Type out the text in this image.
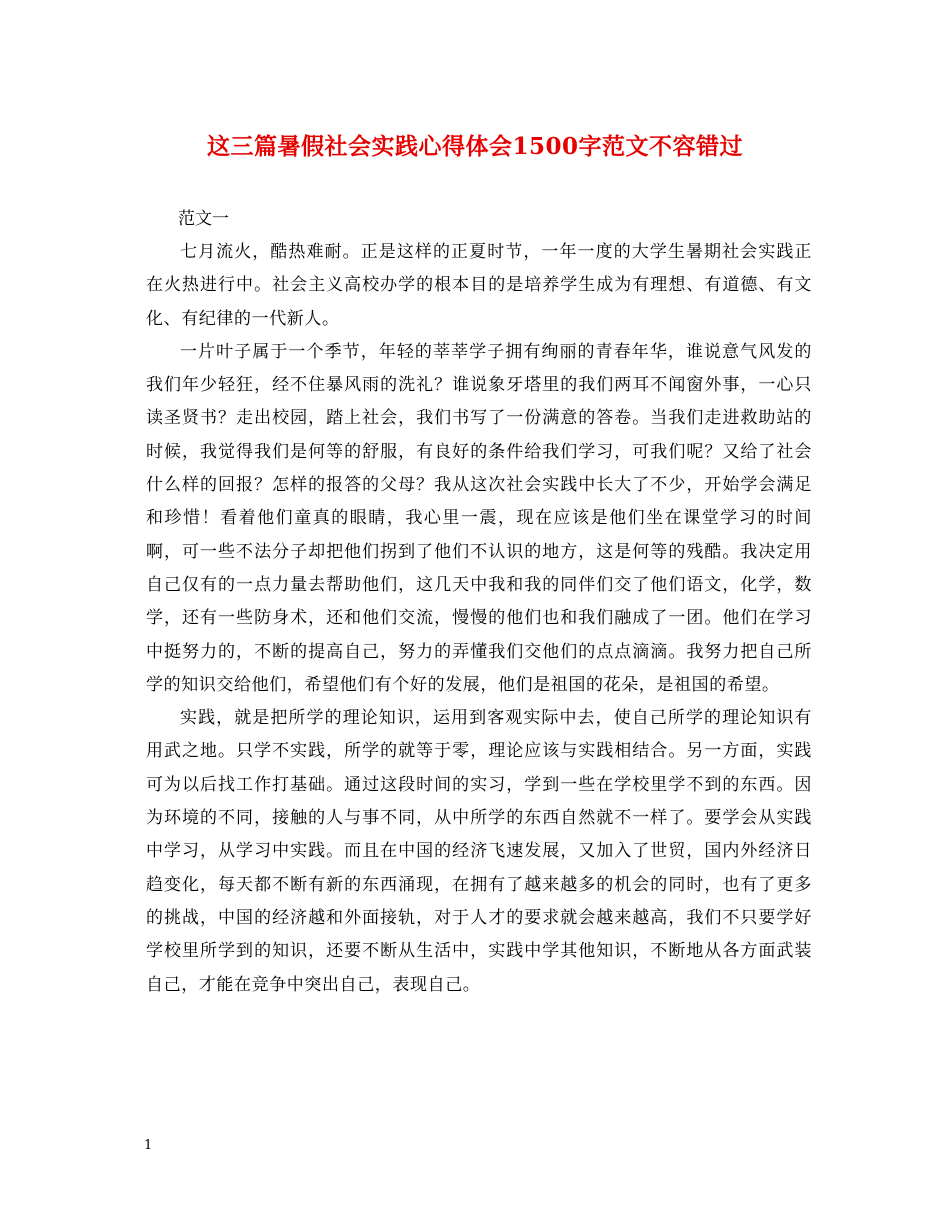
这三篇暑假社会实践心得体会1500字范文不容错过

范文一

七月流火，酷热难耐。正是这样的正夏时节，一年一度的大学生暑期社会实践正在火热进行中。社会主义高校办学的根本目的是培养学生成为有理想、有道德、有文化、有纪律的一代新人。

一片叶子属于一个季节，年轻的莘莘学子拥有绚丽的青春年华，谁说意气风发的我们年少轻狂，经不住暴风雨的洗礼？谁说象牙塔里的我们两耳不闻窗外事，一心只读圣贤书？走出校园，踏上社会，我们书写了一份满意的答卷。当我们走进救助站的时候，我觉得我们是何等的舒服，有良好的条件给我们学习，可我们呢？又给了社会什么样的回报？怎样的报答的父母？我从这次社会实践中长大了不少，开始学会满足和珍惜！看着他们童真的眼睛，我心里一震，现在应该是他们坐在课堂学习的时间啊，可一些不法分子却把他们拐到了他们不认识的地方，这是何等的残酷。我决定用自己仅有的一点力量去帮助他们，这几天中我和我的同伴们交了他们语文，化学，数学，还有一些防身术，还和他们交流，慢慢的他们也和我们融成了一团。他们在学习中挺努力的，不断的提高自己，努力的弄懂我们交他们的点点滴滴。我努力把自己所学的知识交给他们，希望他们有个好的发展，他们是祖国的花朵，是祖国的希望。

实践，就是把所学的理论知识，运用到客观实际中去，使自己所学的理论知识有用武之地。只学不实践，所学的就等于零，理论应该与实践相结合。另一方面，实践可为以后找工作打基础。通过这段时间的实习，学到一些在学校里学不到的东西。因为环境的不同，接触的人与事不同，从中所学的东西自然就不一样了。要学会从实践中学习，从学习中实践。而且在中国的经济飞速发展，又加入了世贸，国内外经济日趋变化，每天都不断有新的东西涌现，在拥有了越来越多的机会的同时，也有了更多的挑战，中国的经济越和外面接轨，对于人才的要求就会越来越高，我们不只要学好学校里所学到的知识，还要不断从生活中，实践中学其他知识，不断地从各方面武装自己，才能在竞争中突出自己，表现自己。

1
